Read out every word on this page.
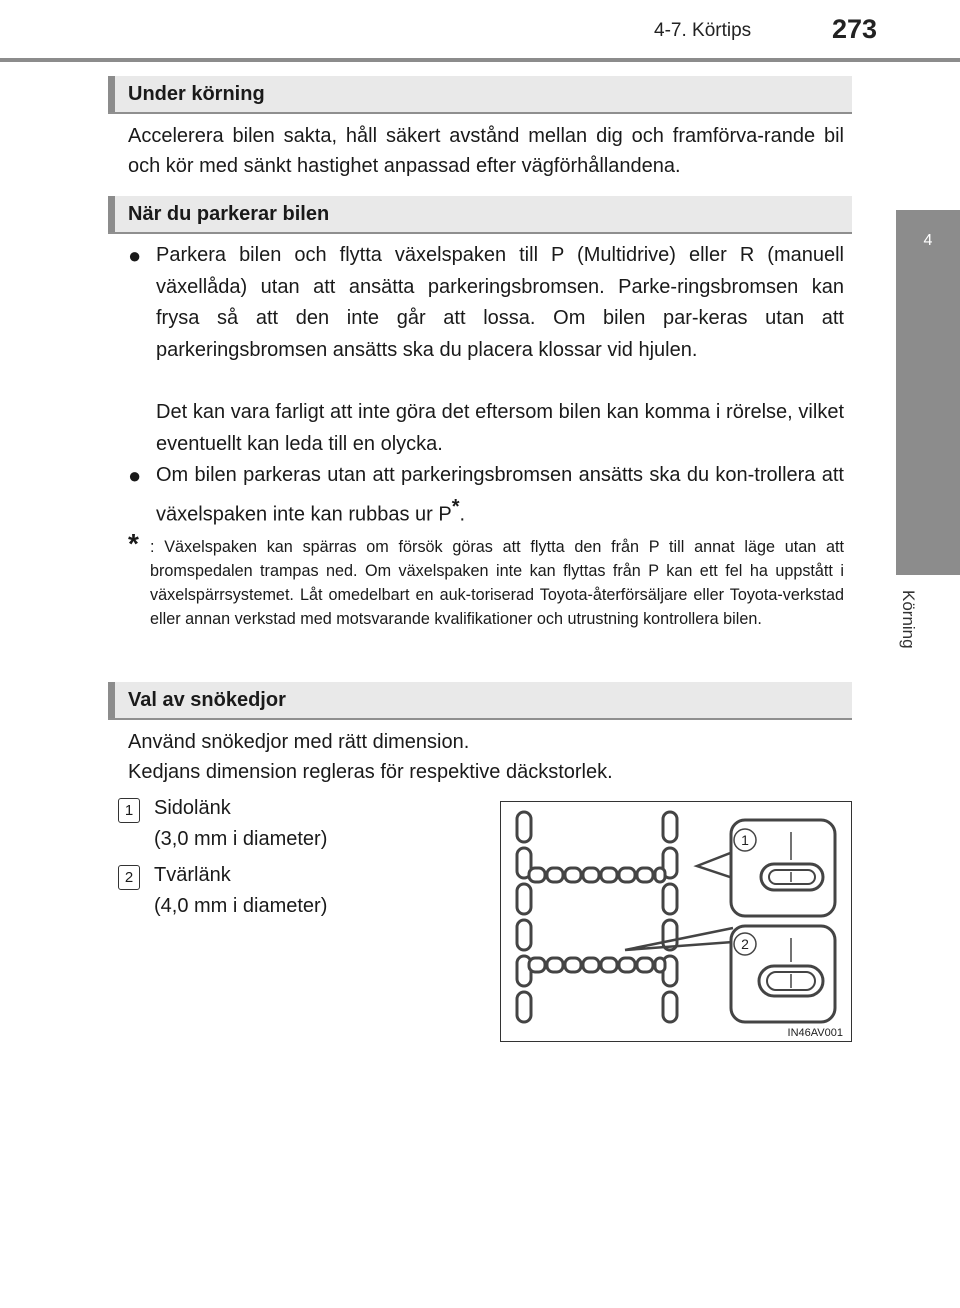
4-7. Körtips	273
4
Körning
Under körning
Accelerera bilen sakta, håll säkert avstånd mellan dig och framförva-rande bil och kör med sänkt hastighet anpassad efter vägförhållandena.
När du parkerar bilen
● Parkera bilen och flytta växelspaken till P (Multidrive) eller R (manuell växellåda) utan att ansätta parkeringsbromsen. Parke-ringsbromsen kan frysa så att den inte går att lossa. Om bilen par-keras utan att parkeringsbromsen ansätts ska du placera klossar vid hjulen.
Det kan vara farligt att inte göra det eftersom bilen kan komma i rörelse, vilket eventuellt kan leda till en olycka.
● Om bilen parkeras utan att parkeringsbromsen ansätts ska du kon-trollera att växelspaken inte kan rubbas ur P*.
* : Växelspaken kan spärras om försök göras att flytta den från P till annat läge utan att bromspedalen trampas ned. Om växelspaken inte kan flyttas från P kan ett fel ha uppstått i växelspärrsystemet. Låt omedelbart en auk-toriserad Toyota-återförsäljare eller Toyota-verkstad eller annan verkstad med motsvarande kvalifikationer och utrustning kontrollera bilen.
Val av snökedjor
Använd snökedjor med rätt dimension.
Kedjans dimension regleras för respektive däckstorlek.
1	Sidolänk
(3,0 mm i diameter)
2	Tvärlänk
(4,0 mm i diameter)
1
2
IN46AV001
